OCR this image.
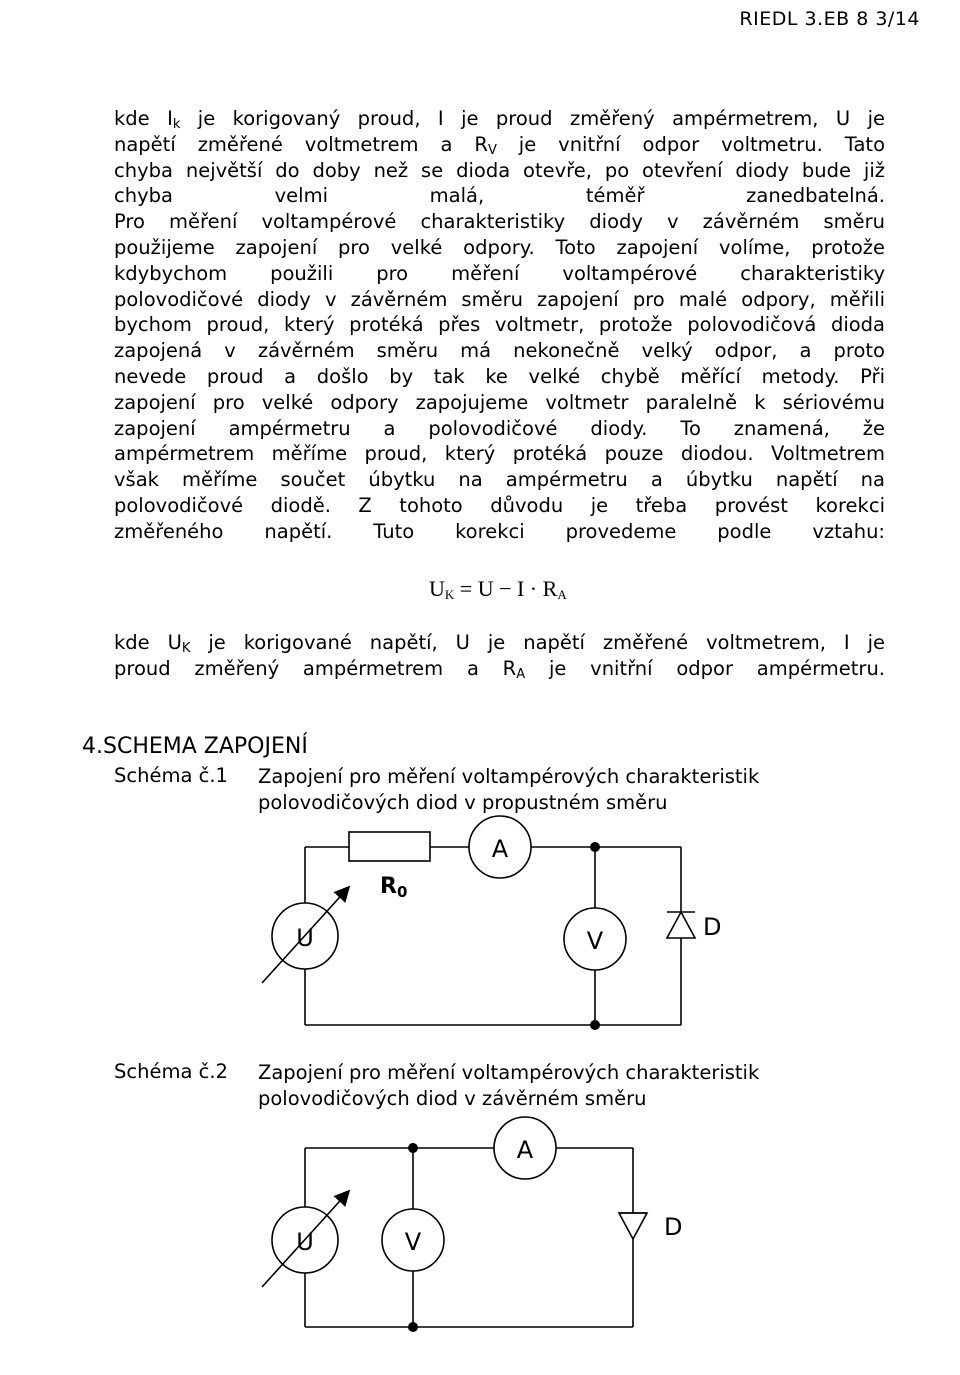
RIEDL 3.EB 8 3/14
kde $I_k$ je korigovaný proud, I je proud změřený ampérmetrem, U je
napětí změřené voltmetrem a $R_V$ je vnitřní odpor voltmetru. Tato
chyba největší do doby než se dioda otevře, po otevření diody bude již
chyba velmi malá, téměř zanedbatelná.
Pro měření voltampérové charakteristiky diody v závěrném směru
použijeme zapojení pro velké odpory. Toto zapojení volíme, protože
kdybychom použili pro měření voltampérové charakteristiky
polovodičové diody v závěrném směru zapojení pro malé odpory, měřili
bychom proud, který protéká přes voltmetr, protože polovodičová dioda
zapojená v závěrném směru má nekonečně velký odpor, a proto
nevede proud a došlo by tak ke velké chybě měřící metody. Při
zapojení pro velké odpory zapojujeme voltmetr paralelně k sériovému
zapojení ampérmetru a polovodičové diody. To znamená, že
ampérmetrem měříme proud, který protéká pouze diodou. Voltmetrem
však měříme součet úbytku na ampérmetru a úbytku napětí na
polovodičové diodě. Z tohoto důvodu je třeba provést korekci
změřeného napětí. Tuto korekci provedeme podle vztahu:
$U_K = U - I \cdot R_A$
kde $U_K$ je korigované napětí, U je napětí změřené voltmetrem, I je
proud změřený ampérmetrem a $R_A$ je vnitřní odpor ampérmetru.
4.SCHEMA ZAPOJENÍ
Schéma č.1 Zapojení pro měření voltampérových charakteristik
polovodičových diod v propustném směru
Schéma č.2 Zapojení pro měření voltampérových charakteristik
polovodičových diod v závěrném směru
A
R0
U	V	D
A
U	V
D
